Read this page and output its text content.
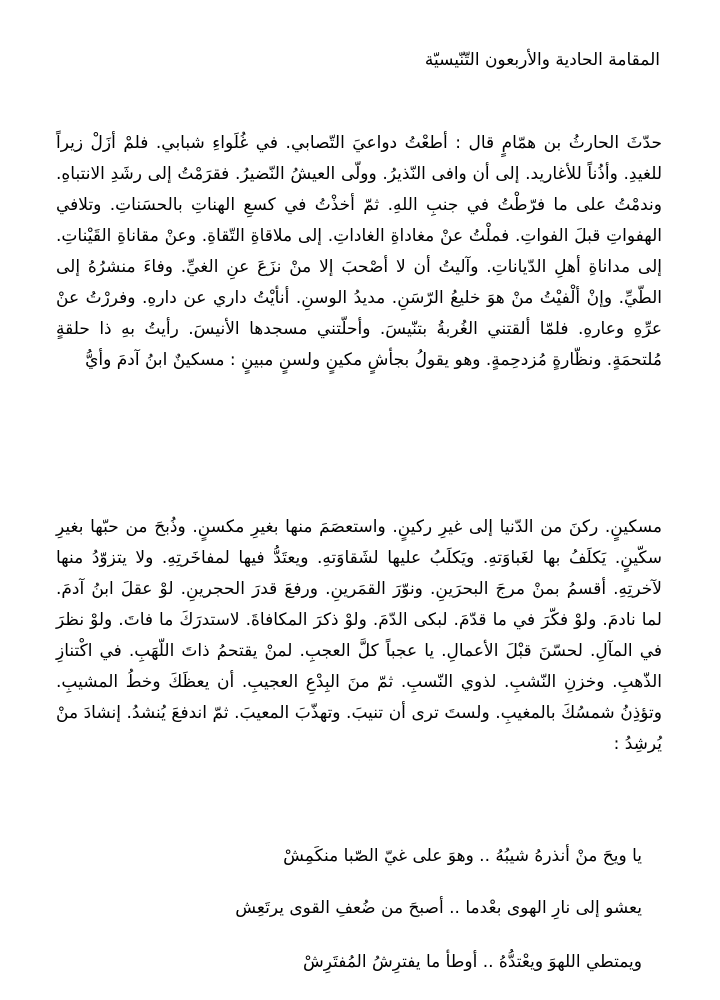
المقامة الحادية والأربعون التّنّيسيّة

حدّثَ الحارثُ بن همّامٍ قال : أطعْتُ دواعيَ التّصابي. في غُلَواءِ شبابي. فلمْ أزَلْ زيراً للغيدِ. وأذُناً للأغاريد. إلى أن وافى النّذيرُ. وولّى العيشُ النّضيرُ. فقرَمْتُ إلى رشَدِ الانتباهِ. وندمْتُ على ما فرّطْتُ في جنبِ اللهِ. ثمّ أخذْتُ في كسعِ الهناتِ بالحسَناتِ. وتلافي الهفواتِ قبلَ الفواتِ. فملْتُ عنْ مغاداةِ الغاداتِ. إلى ملاقاةِ التّقاةِ. وعنْ مقاناةِ القَيْناتِ. إلى مداناةِ أهلِ الدّياناتِ. وآليتُ أن لا أصْحبَ إلا منْ نزَعَ عنِ الغيِّ. وفاءَ منشرُهُ إلى الطّيِّ. وإنْ ألْفيْتُ منْ هوَ خليعُ الرّسَنِ. مديدُ الوسنِ. أنأيْتُ داري عن دارهِ. وفررْتُ عنْ عرِّهِ وعارهِ. فلمّا ألقتني الغُربةُ بتنّيسَ. وأحلّتني مسجدها الأنيسَ. رأيتُ بهِ ذا حلقةٍ مُلتحمَةٍ. ونظّارةٍ مُزدحِمةٍ. وهو يقولُ بجأشٍ مكينٍ ولسنٍ مبينٍ : مسكينٌ ابنُ آدمَ وأيُّ

مسكينٍ. ركنَ من الدّنيا إلى غيرِ ركينٍ. واستعصَمَ منها بغيرِ مكسنٍ. وذُبحَ من حبّها بغيرِ سكّينٍ. يَكلَفُ بها لغَباوَتهِ. ويَكلَبُ عليها لشَقاوَتهِ. ويعتَدُّ فيها لمفاخَرتِهِ. ولا يتزوّدُ منها لآخرتِهِ. أقسمُ بمنْ مرجَ البحرَينِ. ونوّرَ القمَرينِ. ورفعَ قدرَ الحجرينِ. لوْ عقلَ ابنُ آدمَ. لما نادمَ. ولوْ فكّرَ في ما قدّمَ. لبكى الدّمَ. ولوْ ذكرَ المكافاةَ. لاستدرَكَ ما فاتَ. ولوْ نظرَ في المآلِ. لحسّنَ قبْلَ الأعمالِ. يا عجباً كلَّ العجبِ. لمنْ يقتحمُ ذاتَ اللّهَبِ. في اكْتنازِ الذّهبِ. وخزنِ النّشبِ. لذوي النّسبِ. ثمّ منَ البِدْعِ العجيبِ. أن يعظَكَ وخطُ المشيبِ. وتؤذِنُ شمسُكَ بالمغيبِ. ولستَ ترى أن تنيبَ. وتهذّبَ المعيبَ. ثمّ اندفعَ يُنشدُ. إنشادَ منْ يُرشِدُ :

يا ويحَ منْ أنذرهُ شيبُهُ .. وهوَ على غيّ الصّبا منكَمِشْ
يعشو إلى نارِ الهوى بعْدما .. أصبحَ من ضُعفِ القوى يرتَعِش
ويمتطي اللهوَ ويعْتدُّهُ .. أوطأ ما يفترِشُ المُفتَرِشْ
